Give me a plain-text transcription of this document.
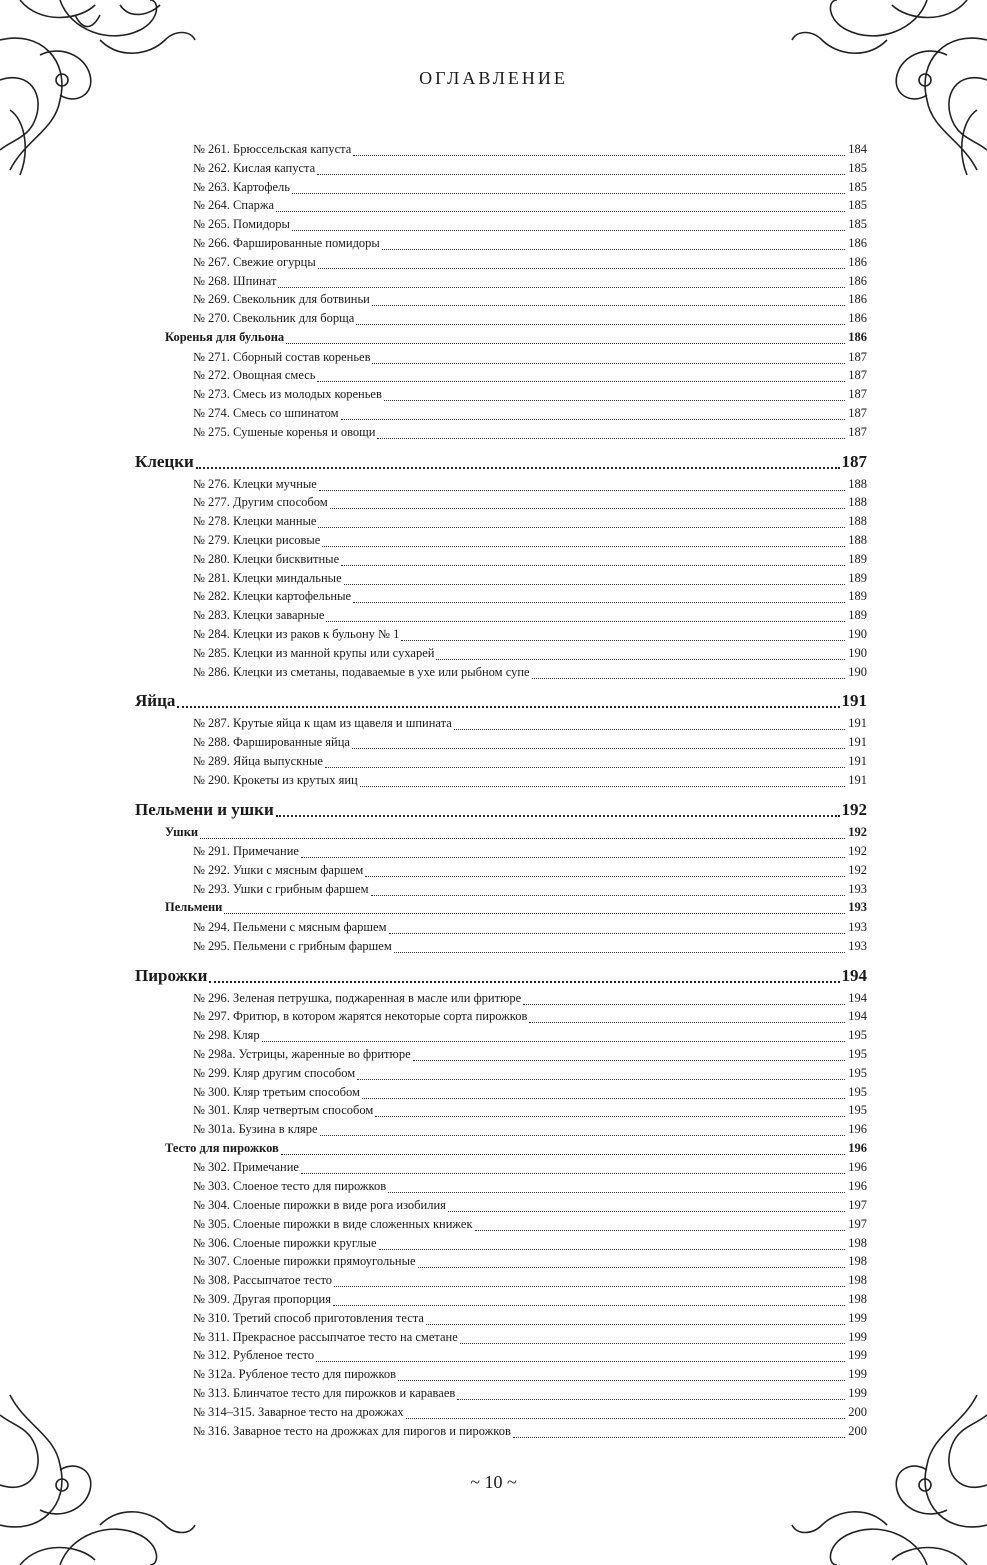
ОГЛАВЛЕНИЕ
№ 261. Брюссельская капуста	184
№ 262. Кислая капуста	185
№ 263. Картофель	185
№ 264. Спаржа	185
№ 265. Помидоры	185
№ 266. Фаршированные помидоры	186
№ 267. Свежие огурцы	186
№ 268. Шпинат	186
№ 269. Свекольник для ботвиньи	186
№ 270. Свекольник для борща	186
Коренья для бульона	186
№ 271. Сборный состав кореньев	187
№ 272. Овощная смесь	187
№ 273. Смесь из молодых кореньев	187
№ 274. Смесь со шпинатом	187
№ 275. Сушеные коренья и овощи	187
Клецки	187
№ 276. Клецки мучные	188
№ 277. Другим способом	188
№ 278. Клецки манные	188
№ 279. Клецки рисовые	188
№ 280. Клецки бисквитные	189
№ 281. Клецки миндальные	189
№ 282. Клецки картофельные	189
№ 283. Клецки заварные	189
№ 284. Клецки из раков к бульону № 1	190
№ 285. Клецки из манной крупы или сухарей	190
№ 286. Клецки из сметаны, подаваемые в ухе или рыбном супе	190
Яйца	191
№ 287. Крутые яйца к щам из щавеля и шпината	191
№ 288. Фаршированные яйца	191
№ 289. Яйца выпускные	191
№ 290. Крокеты из крутых яиц	191
Пельмени и ушки	192
Ушки	192
№ 291. Примечание	192
№ 292. Ушки с мясным фаршем	192
№ 293. Ушки с грибным фаршем	193
Пельмени	193
№ 294. Пельмени с мясным фаршем	193
№ 295. Пельмени с грибным фаршем	193
Пирожки	194
№ 296. Зеленая петрушка, поджаренная в масле или фритюре	194
№ 297. Фритюр, в котором жарятся некоторые сорта пирожков	194
№ 298. Кляр	195
№ 298а. Устрицы, жаренные во фритюре	195
№ 299. Кляр другим способом	195
№ 300. Кляр третьим способом	195
№ 301. Кляр четвертым способом	195
№ 301а. Бузина в кляре	196
Тесто для пирожков	196
№ 302. Примечание	196
№ 303. Слоеное тесто для пирожков	196
№ 304. Слоеные пирожки в виде рога изобилия	197
№ 305. Слоеные пирожки в виде сложенных книжек	197
№ 306. Слоеные пирожки круглые	198
№ 307. Слоеные пирожки прямоугольные	198
№ 308. Рассыпчатое тесто	198
№ 309. Другая пропорция	198
№ 310. Третий способ приготовления теста	199
№ 311. Прекрасное рассыпчатое тесто на сметане	199
№ 312. Рубленое тесто	199
№ 312а. Рубленое тесто для пирожков	199
№ 313. Блинчатое тесто для пирожков и караваев	199
№ 314–315. Заварное тесто на дрожжах	200
№ 316. Заварное тесто на дрожжах для пирогов и пирожков	200
~ 10 ~
